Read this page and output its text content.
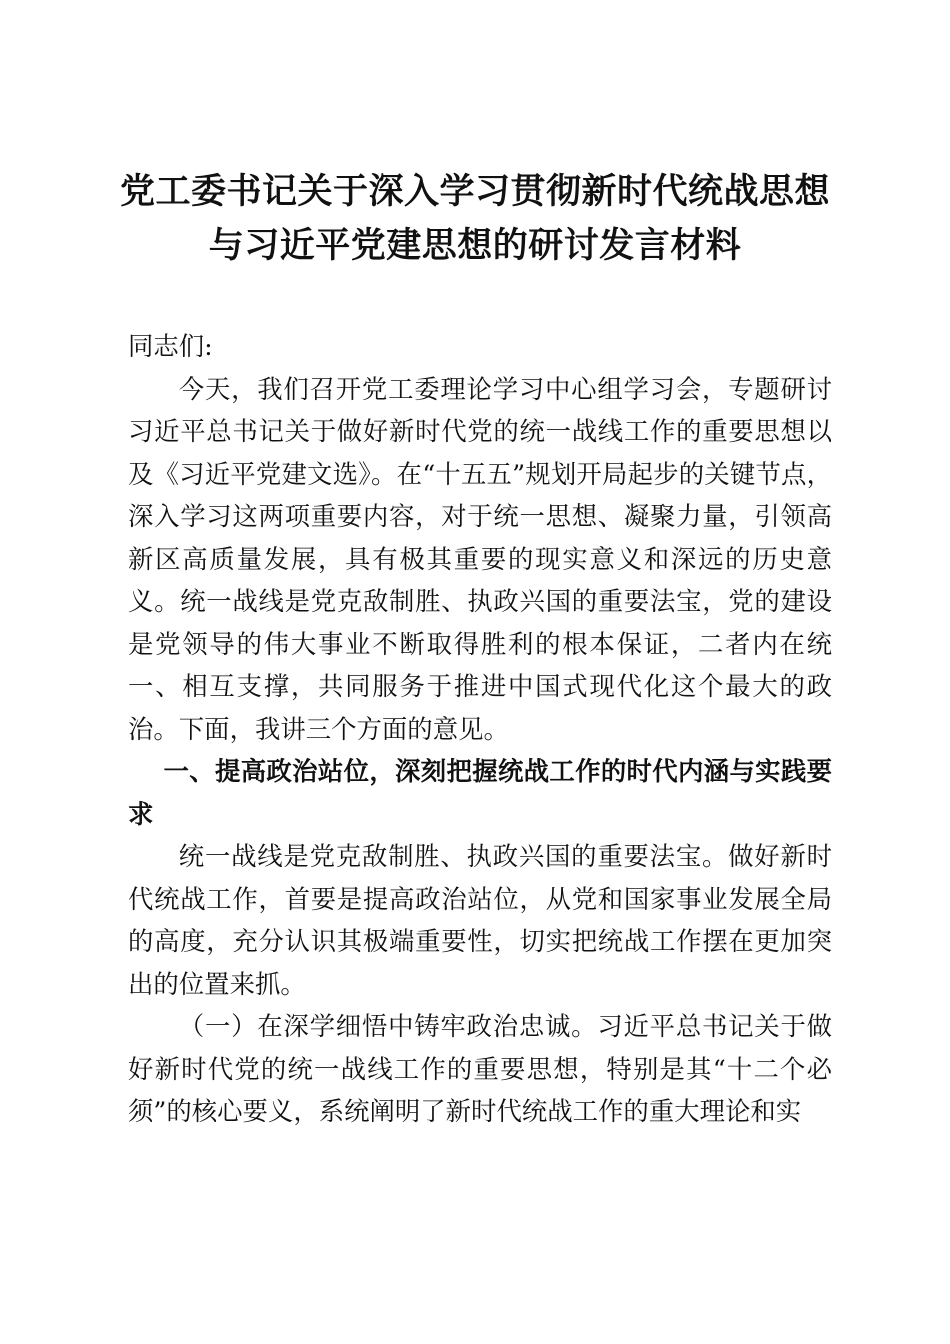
党工委书记关于深入学习贯彻新时代统战思想
与习近平党建思想的研讨发言材料

同志们:

今天，我们召开党工委理论学习中心组学习会，专题研讨习近平总书记关于做好新时代党的统一战线工作的重要思想以及《习近平党建文选》。在“十五五”规划开局起步的关键节点，深入学习这两项重要内容，对于统一思想、凝聚力量，引领高新区高质量发展，具有极其重要的现实意义和深远的历史意义。统一战线是党克敌制胜、执政兴国的重要法宝，党的建设是党领导的伟大事业不断取得胜利的根本保证，二者内在统一、相互支撑，共同服务于推进中国式现代化这个最大的政治。下面，我讲三个方面的意见。

一、提高政治站位，深刻把握统战工作的时代内涵与实践要求

统一战线是党克敌制胜、执政兴国的重要法宝。做好新时代统战工作，首要是提高政治站位，从党和国家事业发展全局的高度，充分认识其极端重要性，切实把统战工作摆在更加突出的位置来抓。

（一）在深学细悟中铸牢政治忠诚。习近平总书记关于做好新时代党的统一战线工作的重要思想，特别是其“十二个必须”的核心要义，系统阐明了新时代统战工作的重大理论和实
